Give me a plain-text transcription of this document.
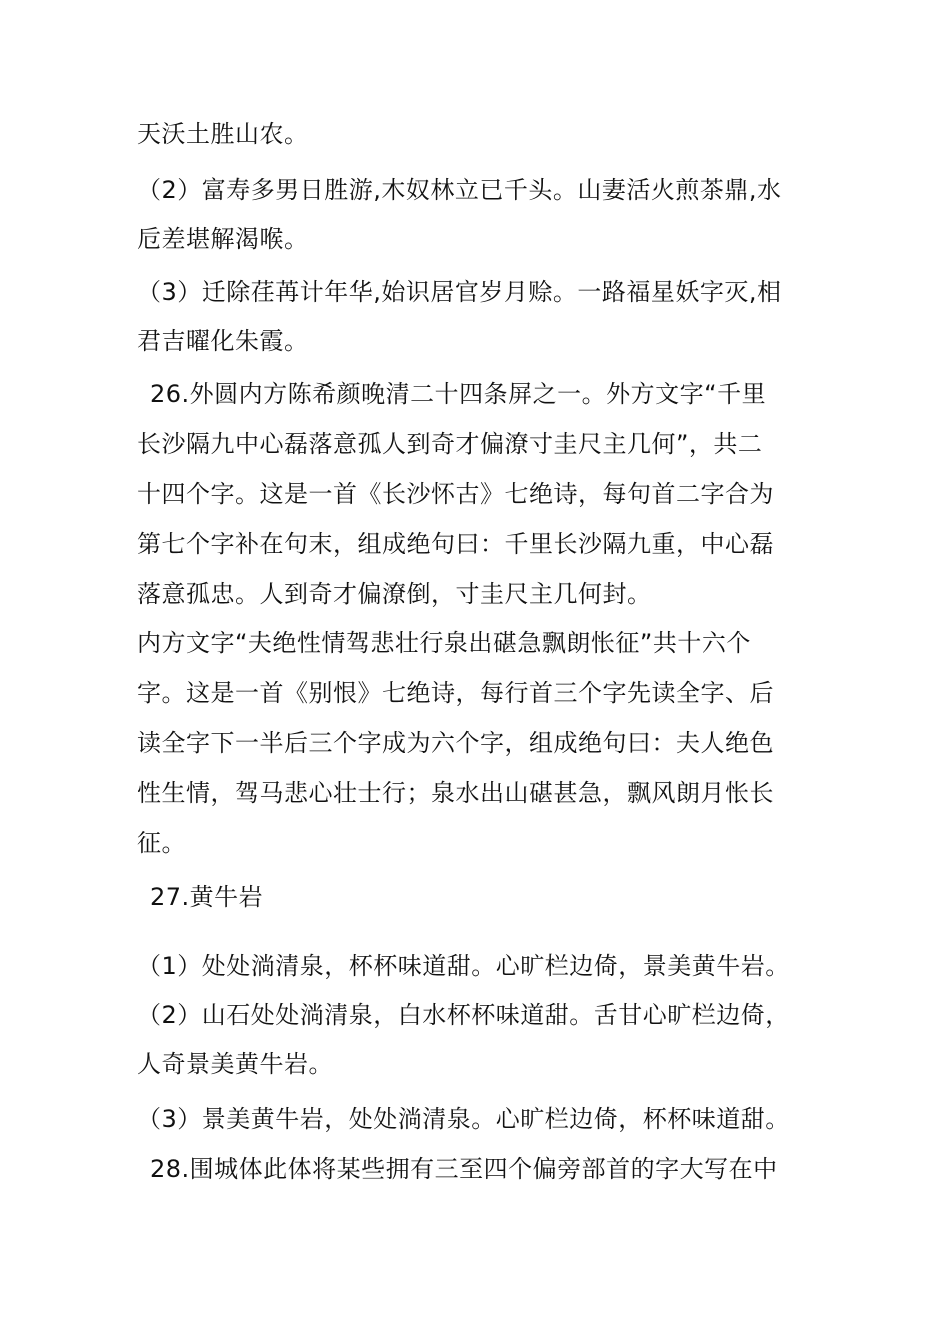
天沃土胜山农。
（2）富寿多男日胜游,木奴林立已千头。山妻活火煎茶鼎,水
卮差堪解渴喉。
（3）迁除荏苒计年华,始识居官岁月赊。一路福星妖字灭,相
君吉曜化朱霞。
26.外圆内方陈希颜晚清二十四条屏之一。外方文字“千里
长沙隔九中心磊落意孤人到奇才偏潦寸圭尺主几何”，共二
十四个字。这是一首《长沙怀古》七绝诗，每句首二字合为
第七个字补在句末，组成绝句曰：千里长沙隔九重，中心磊
落意孤忠。人到奇才偏潦倒，寸圭尺主几何封。
内方文字“夫绝性情驾悲壮行泉出碪急飘朗怅征”共十六个
字。这是一首《别恨》七绝诗，每行首三个字先读全字、后
读全字下一半后三个字成为六个字，组成绝句曰：夫人绝色
性生情，驾马悲心壮士行；泉水出山碪甚急，飘风朗月怅长
征。
27.黄牛岩
（1）处处淌清泉，杯杯味道甜。心旷栏边倚，景美黄牛岩。
（2）山石处处淌清泉，白水杯杯味道甜。舌甘心旷栏边倚，
人奇景美黄牛岩。
（3）景美黄牛岩，处处淌清泉。心旷栏边倚，杯杯味道甜。
28.围城体此体将某些拥有三至四个偏旁部首的字大写在中
